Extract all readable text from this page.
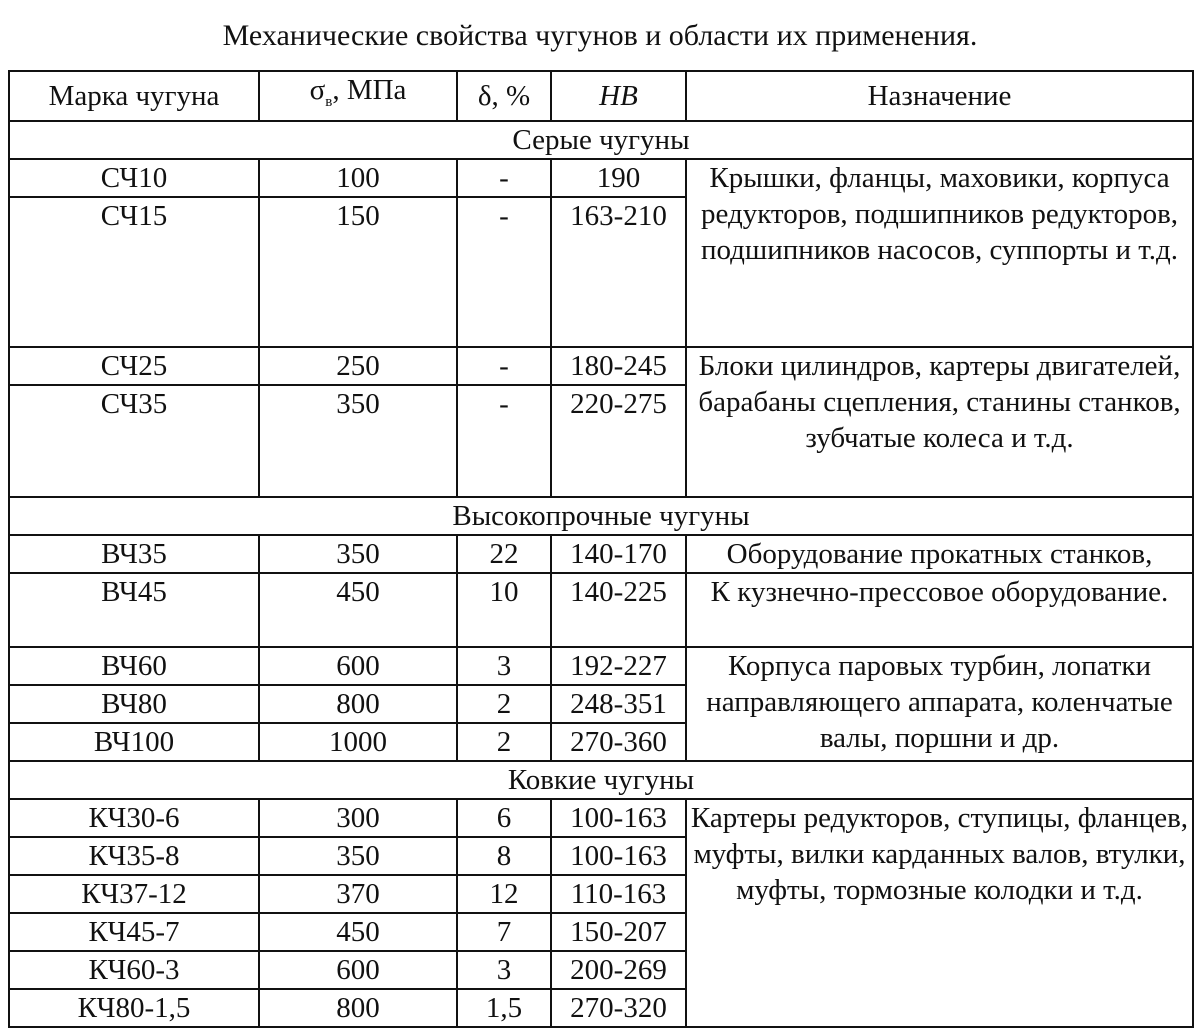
Механические свойства чугунов и области их применения.
Марка чугуна	$\sigma_в$, МПа	δ, %	HB	Назначение
Серые чугуны				
СЧ10	100	-	190	Крышки, фланцы, маховики, корпуса редукторов, подшипников редукторов, подшипников насосов, суппорты и т.д.
СЧ15	150	-	163-210	
СЧ25	250	-	180-245	Блоки цилиндров, картеры двигателей, барабаны сцепления, станины станков, зубчатые колеса и т.д.
СЧ35	350	-	220-275	
Высокопрочные чугуны				
ВЧ35	350	22	140-170	Оборудование прокатных станков,
ВЧ45	450	10	140-225	К кузнечно-прессовое оборудование.
ВЧ60	600	3	192-227	Корпуса паровых турбин, лопатки направляющего аппарата, коленчатые валы, поршни и др.
ВЧ80	800	2	248-351	
ВЧ100	1000	2	270-360	
Ковкие чугуны				
КЧ30-6	300	6	100-163	Картеры редукторов, ступицы, фланцев, муфты, вилки карданных валов, втулки, муфты, тормозные колодки и т.д.
КЧ35-8	350	8	100-163	
КЧ37-12	370	12	110-163	
КЧ45-7	450	7	150-207	
КЧ60-3	600	3	200-269	
КЧ80-1,5	800	1,5	270-320	
